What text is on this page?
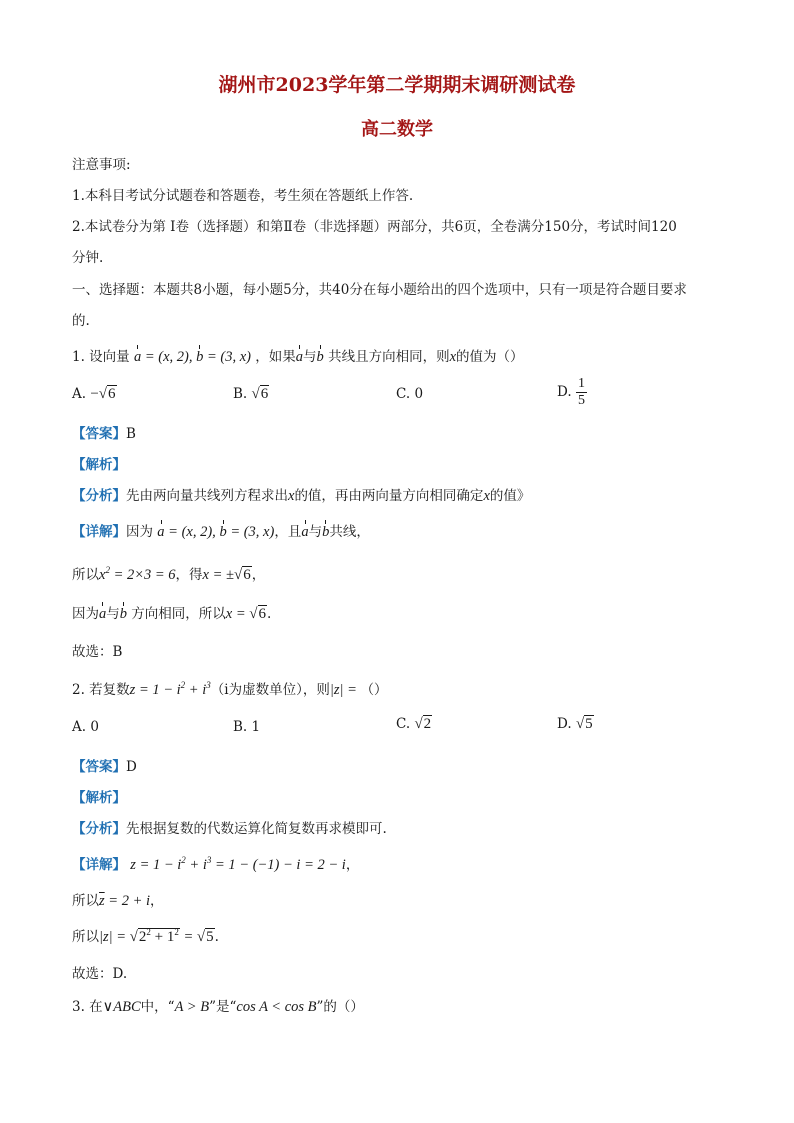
湖州市2023学年第二学期期末调研测试卷
高二数学
注意事项:
1.本科目考试分试题卷和答题卷，考生须在答题纸上作答.
2.本试卷分为第 I卷（选择题）和第Ⅱ卷（非选择题）两部分，共6页，全卷满分150分，考试时间120
分钟.
一、选择题：本题共8小题，每小题5分，共40分在每小题给出的四个选项中，只有一项是符合题目要求
的.
1. 设向量 a = (x, 2), b = (3, x) ，如果a与b 共线且方向相同，则x的值为（）
A. −√6	B. √6	C. 0	D. $\frac{1}{5}$
【答案】B
【解析】
【分析】先由两向量共线列方程求出x的值，再由两向量方向相同确定x的值》
【详解】因为 a = (x, 2), b = (3, x)，且a与b共线，
所以$x^2 = 2\times 3 = 6$，得x = ±√6，
因为a与b 方向相同，所以x = √6.
故选：B
2. 若复数$z = 1 - i^2 + i^3(i$为虚数单位），则|z| = （）
A. 0	B. 1	C. √2	D. √5
【答案】D
【解析】
【分析】先根据复数的代数运算化简复数再求模即可.
【详解】 $z = 1 - i^2 + i^3 = 1 - (-1) - i = 2 - i$，
所以$\overline{z} = 2 + i$，
所以$|z| = √2^2 + 1^2 = √5$.
故选：D.
3. 在∨ABC中，“A > B”是“cos A < cos B”的（）
